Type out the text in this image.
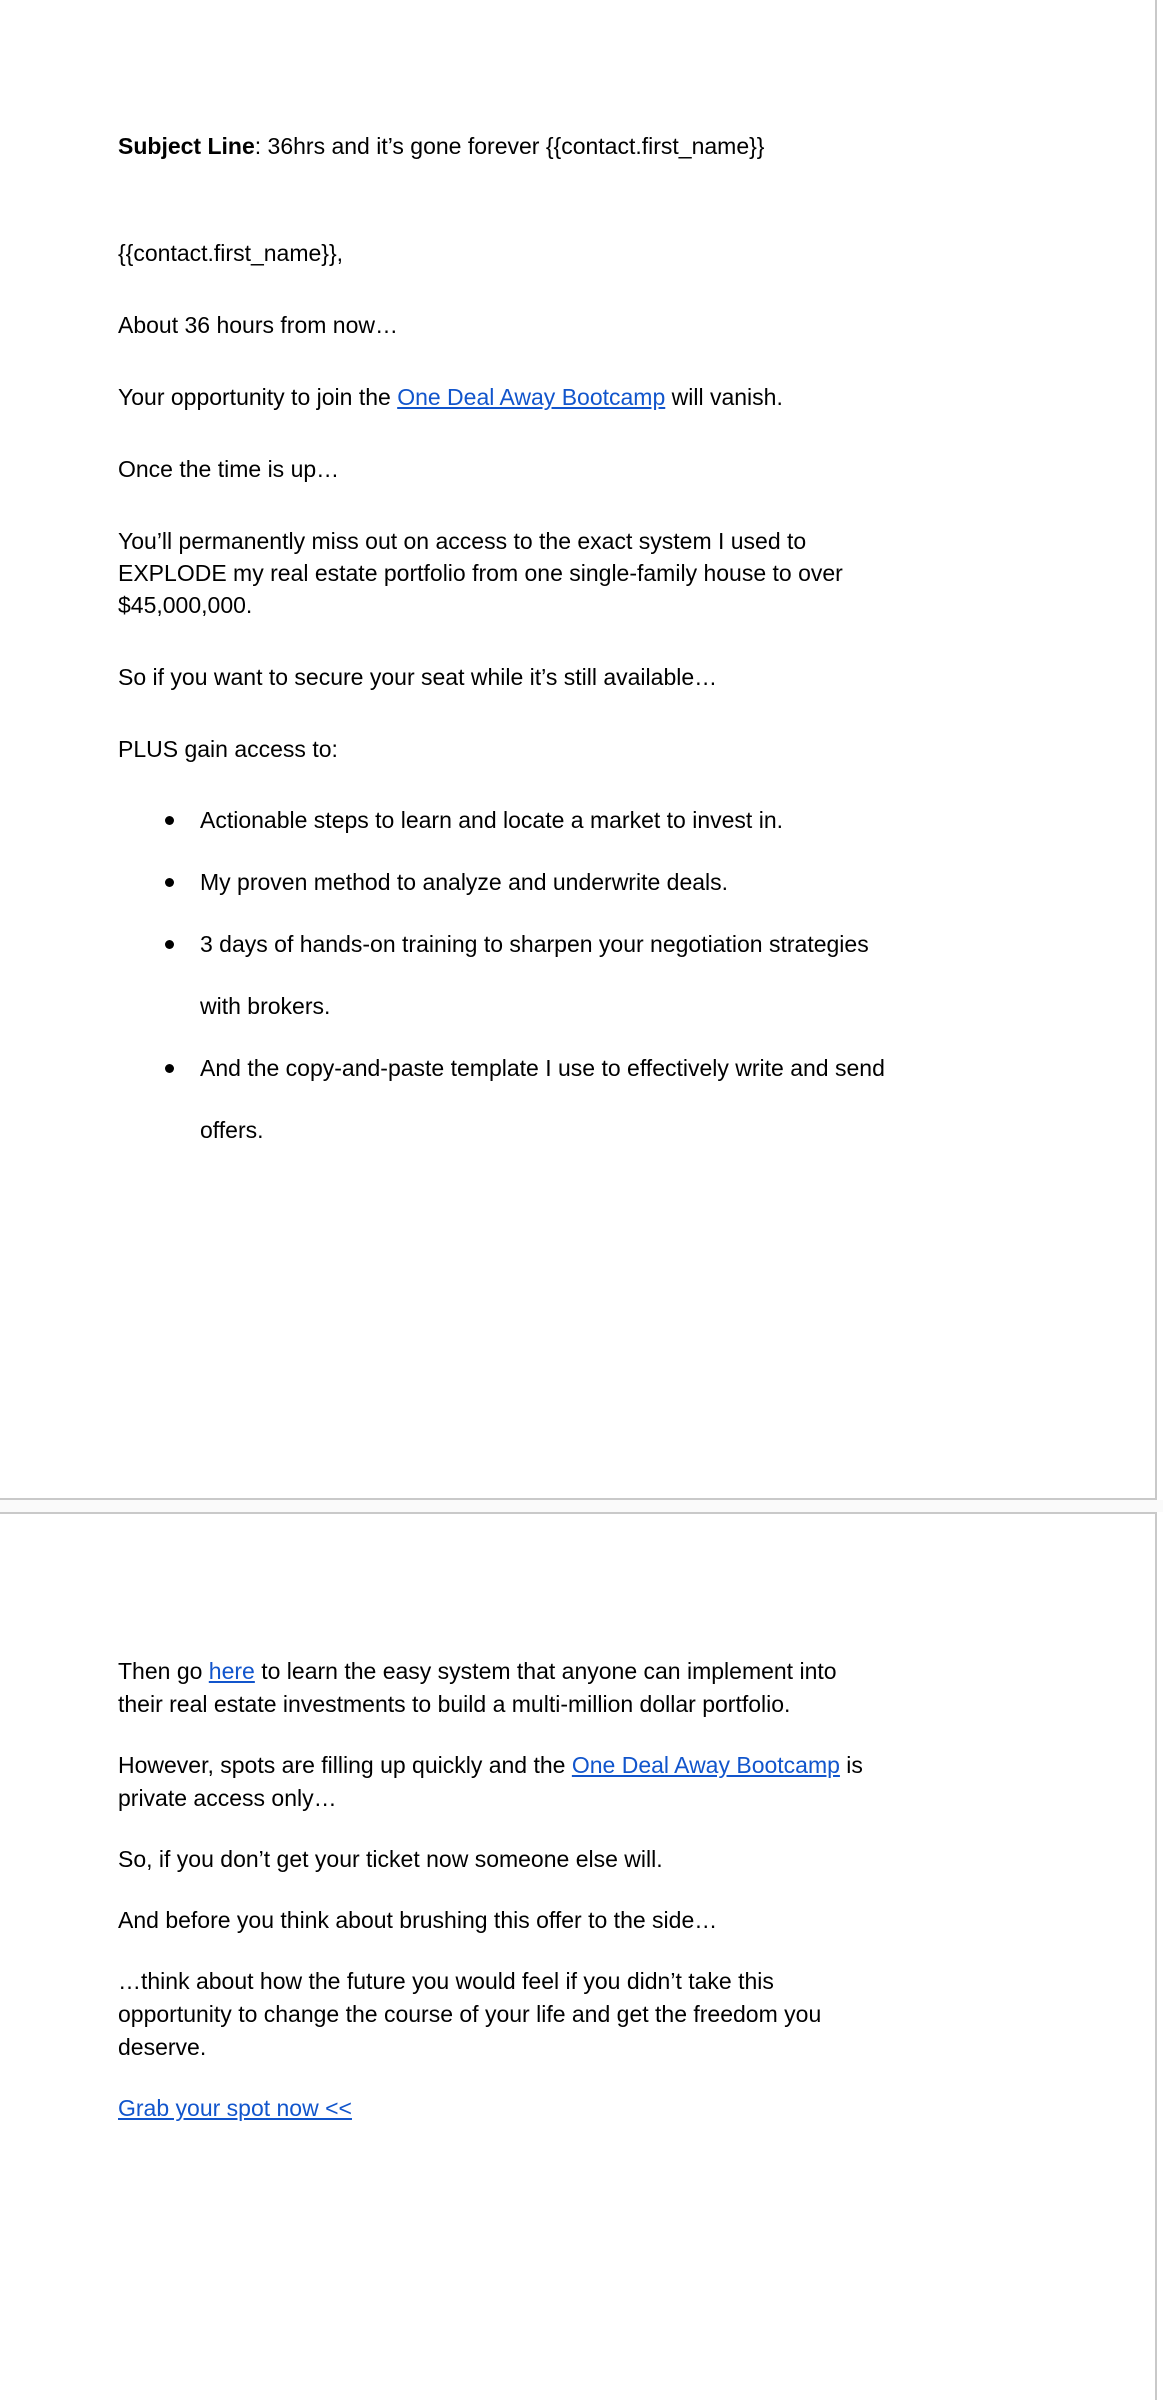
Subject Line: 36hrs and it’s gone forever {{contact.first_name}}

{{contact.first_name}},

About 36 hours from now…

Your opportunity to join the One Deal Away Bootcamp will vanish.

Once the time is up…

You’ll permanently miss out on access to the exact system I used to
EXPLODE my real estate portfolio from one single-family house to over
$45,000,000.

So if you want to secure your seat while it’s still available…

PLUS gain access to:

Actionable steps to learn and locate a market to invest in.
My proven method to analyze and underwrite deals.
3 days of hands-on training to sharpen your negotiation strategies
with brokers.
And the copy-and-paste template I use to effectively write and send
offers.

Then go here to learn the easy system that anyone can implement into
their real estate investments to build a multi-million dollar portfolio.

However, spots are filling up quickly and the One Deal Away Bootcamp is
private access only…

So, if you don’t get your ticket now someone else will.

And before you think about brushing this offer to the side…

…think about how the future you would feel if you didn’t take this
opportunity to change the course of your life and get the freedom you
deserve.

Grab your spot now <<
